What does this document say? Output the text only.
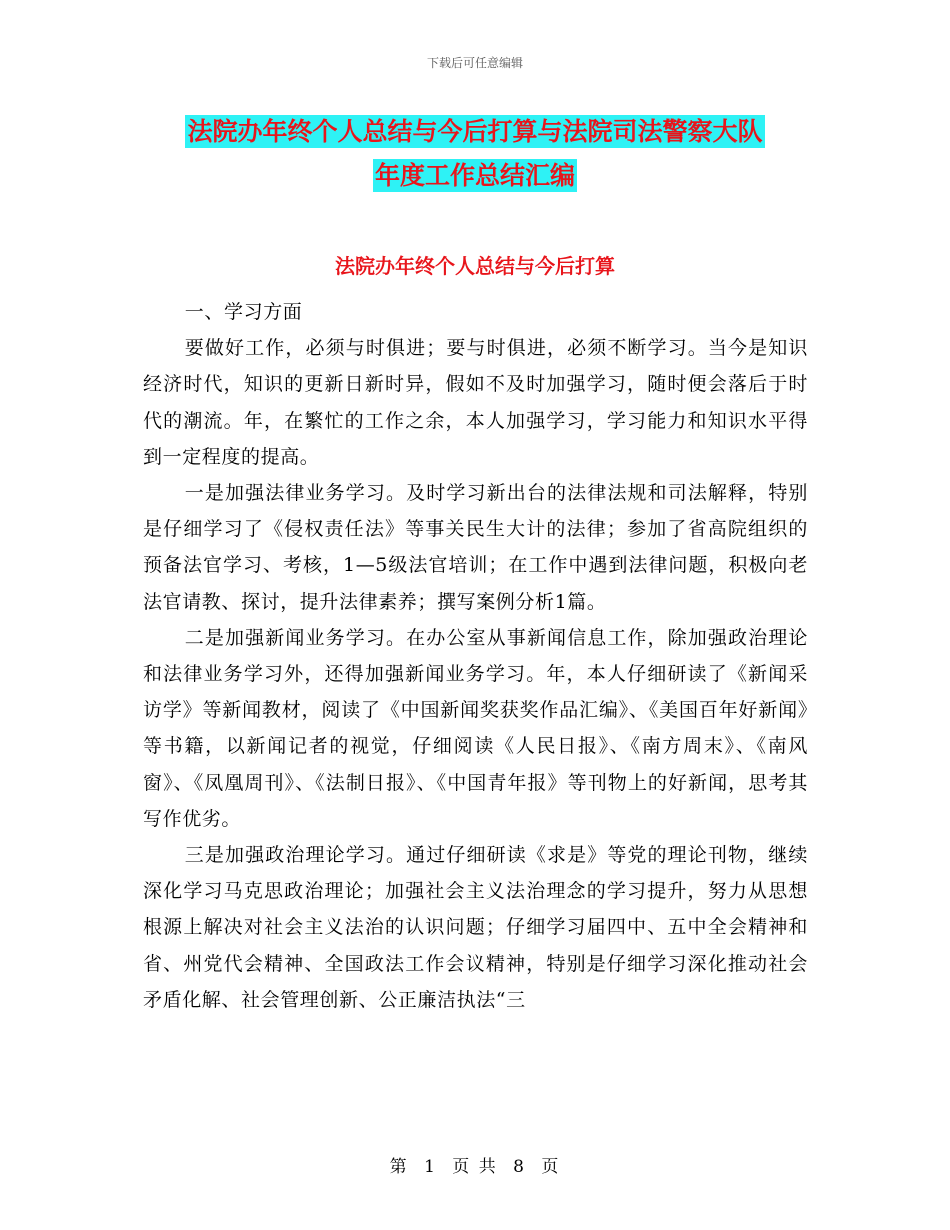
下载后可任意编辑
法院办年终个人总结与今后打算与法院司法警察大队
年度工作总结汇编
法院办年终个人总结与今后打算

一、学习方面

要做好工作，必须与时俱进；要与时俱进，必须不断学习。当今是知识经济时代，知识的更新日新时异，假如不及时加强学习，随时便会落后于时代的潮流。年，在繁忙的工作之余，本人加强学习，学习能力和知识水平得到一定程度的提高。

一是加强法律业务学习。及时学习新出台的法律法规和司法解释，特别是仔细学习了《侵权责任法》等事关民生大计的法律；参加了省高院组织的预备法官学习、考核，1—5级法官培训；在工作中遇到法律问题，积极向老法官请教、探讨，提升法律素养；撰写案例分析1篇。

二是加强新闻业务学习。在办公室从事新闻信息工作，除加强政治理论和法律业务学习外，还得加强新闻业务学习。年，本人仔细研读了《新闻采访学》等新闻教材，阅读了《中国新闻奖获奖作品汇编》、《美国百年好新闻》等书籍，以新闻记者的视觉，仔细阅读《人民日报》、《南方周末》、《南风窗》、《凤凰周刊》、《法制日报》、《中国青年报》等刊物上的好新闻，思考其写作优劣。

三是加强政治理论学习。通过仔细研读《求是》等党的理论刊物，继续深化学习马克思政治理论；加强社会主义法治理念的学习提升，努力从思想根源上解决对社会主义法治的认识问题；仔细学习届四中、五中全会精神和省、州党代会精神、全国政法工作会议精神，特别是仔细学习深化推动社会矛盾化解、社会管理创新、公正廉洁执法“三

第 1 页 共 8 页
